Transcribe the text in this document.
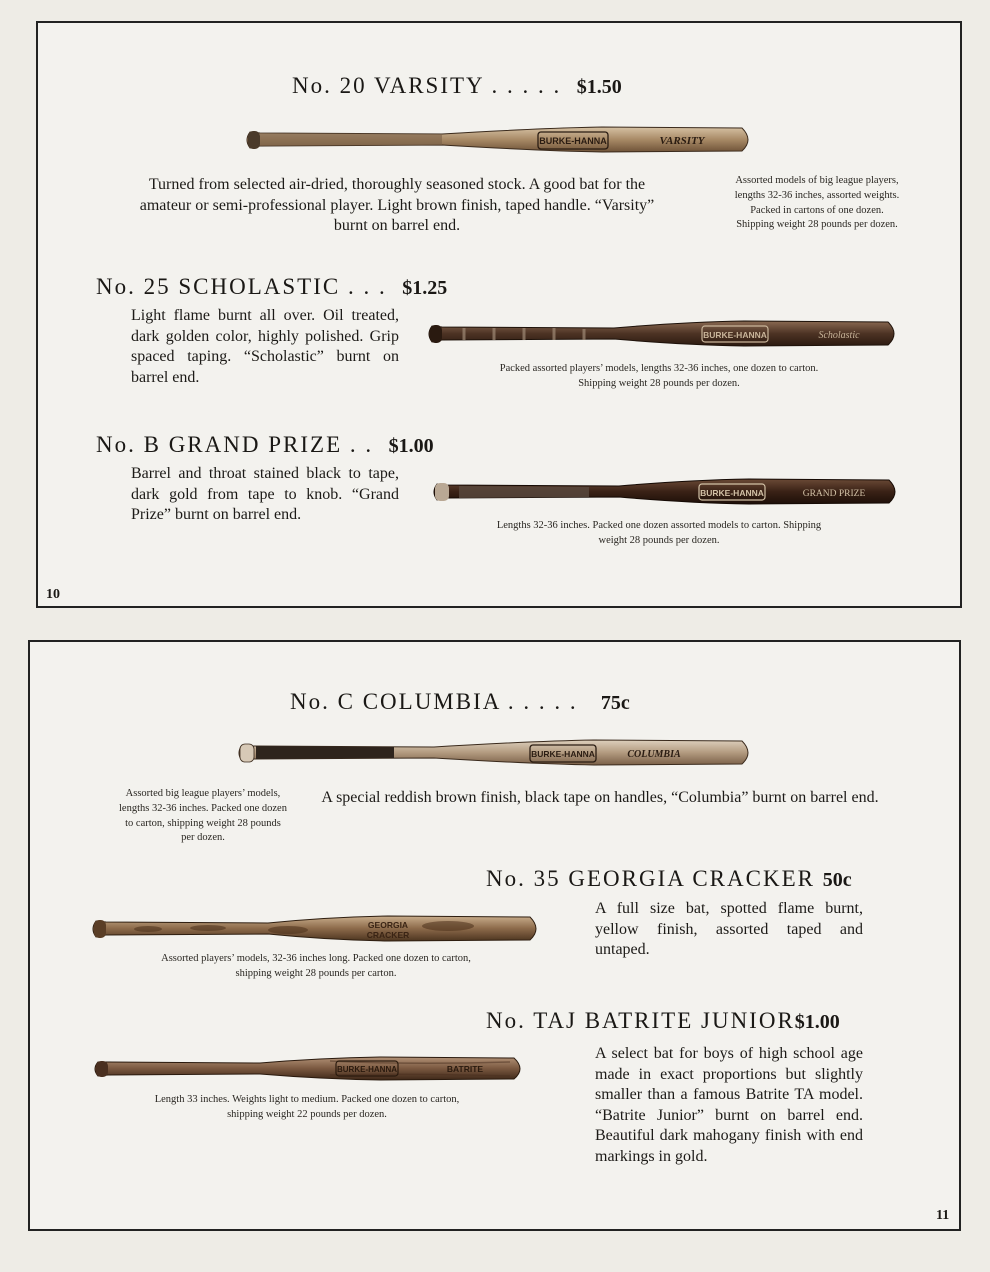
No. 20 VARSITY . . . . . $1.50
BURKE-HANNA	VARSITY
Turned from selected air-dried, thoroughly seasoned stock. A good bat for the amateur or semi-professional player. Light brown finish, taped handle. “Varsity” burnt on barrel end.
Assorted models of big league players, lengths 32-36 inches, assorted weights. Packed in cartons of one dozen. Shipping weight 28 pounds per dozen.
No. 25 SCHOLASTIC . . . $1.25
Light flame burnt all over. Oil treated, dark golden color, highly polished. Grip spaced taping. “Scholastic” burnt on barrel end.
BURKE-HANNA	Scholastic
Packed assorted players’ models, lengths 32-36 inches, one dozen to carton. Shipping weight 28 pounds per dozen.
No. B GRAND PRIZE . . $1.00
Barrel and throat stained black to tape, dark gold from tape to knob. “Grand Prize” burnt on barrel end.
BURKE-HANNA	GRAND PRIZE
Lengths 32-36 inches. Packed one dozen assorted models to carton. Shipping weight 28 pounds per dozen.
10
No. C COLUMBIA . . . . . 75c
BURKE-HANNA	COLUMBIA
Assorted big league players’ models, lengths 32-36 inches. Packed one dozen to carton, shipping weight 28 pounds per dozen.
A special reddish brown finish, black tape on handles, “Columbia” burnt on barrel end.
No. 35 GEORGIA CRACKER 50c
GEORGIA
CRACKER
A full size bat, spotted flame burnt, yellow finish, assorted taped and untaped.
Assorted players’ models, 32-36 inches long. Packed one dozen to carton, shipping weight 28 pounds per carton.
No. TAJ BATRITE JUNIOR$1.00
BURKE-HANNA	BATRITE
Length 33 inches. Weights light to medium. Packed one dozen to carton, shipping weight 22 pounds per dozen.
A select bat for boys of high school age made in exact proportions but slightly smaller than a famous Batrite TA model. “Batrite Junior” burnt on barrel end. Beautiful dark mahogany finish with end markings in gold.
11
